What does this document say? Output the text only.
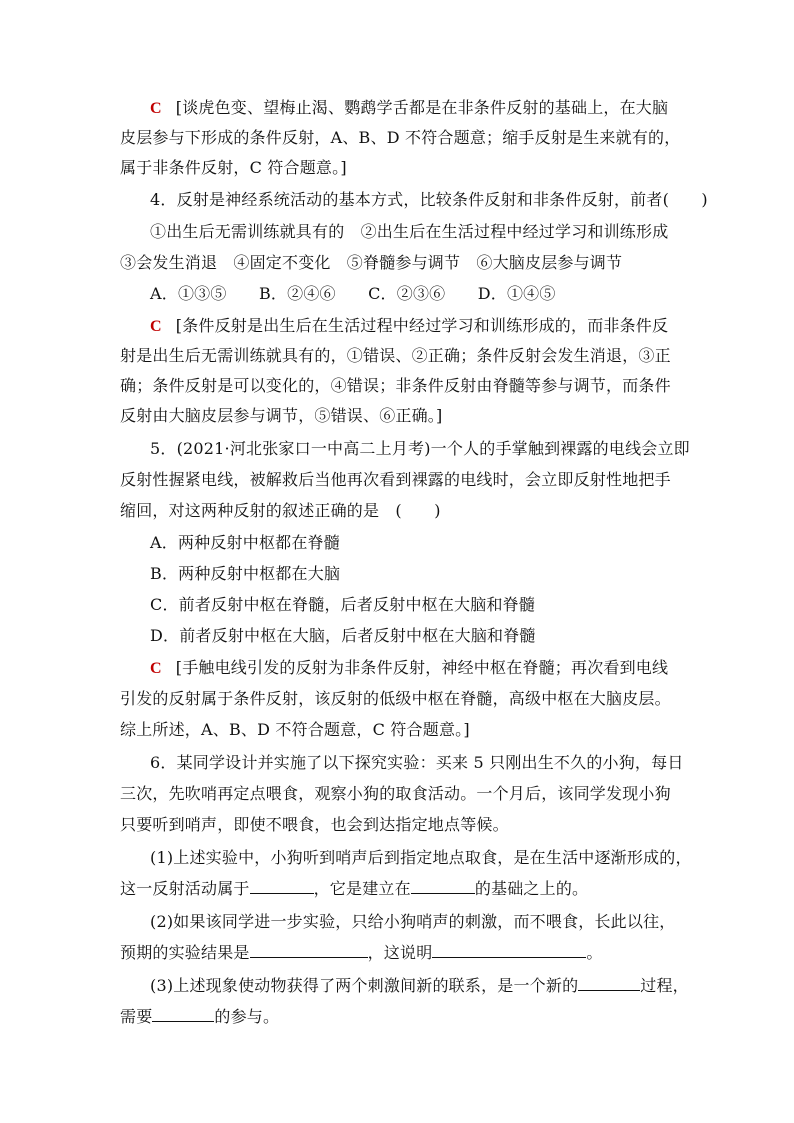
C [谈虎色变、望梅止渴、鹦鹉学舌都是在非条件反射的基础上，在大脑
皮层参与下形成的条件反射，A、B、D 不符合题意；缩手反射是生来就有的，
属于非条件反射，C 符合题意。]
4．反射是神经系统活动的基本方式，比较条件反射和非条件反射，前者(　　)
①出生后无需训练就具有的　②出生后在生活过程中经过学习和训练形成
③会发生消退　④固定不变化　⑤脊髓参与调节　⑥大脑皮层参与调节
A．①③⑤　　B．②④⑥　　C．②③⑥　　D．①④⑤
C [条件反射是出生后在生活过程中经过学习和训练形成的，而非条件反
射是出生后无需训练就具有的，①错误、②正确；条件反射会发生消退，③正
确；条件反射是可以变化的，④错误；非条件反射由脊髓等参与调节，而条件
反射由大脑皮层参与调节，⑤错误、⑥正确。]
5．(2021·河北张家口一中高二上月考)一个人的手掌触到裸露的电线会立即
反射性握紧电线，被解救后当他再次看到裸露的电线时，会立即反射性地把手
缩回，对这两种反射的叙述正确的是　(　　)
A．两种反射中枢都在脊髓
B．两种反射中枢都在大脑
C．前者反射中枢在脊髓，后者反射中枢在大脑和脊髓
D．前者反射中枢在大脑，后者反射中枢在大脑和脊髓
C [手触电线引发的反射为非条件反射，神经中枢在脊髓；再次看到电线
引发的反射属于条件反射，该反射的低级中枢在脊髓，高级中枢在大脑皮层。
综上所述，A、B、D 不符合题意，C 符合题意。]
6．某同学设计并实施了以下探究实验：买来 5 只刚出生不久的小狗，每日
三次，先吹哨再定点喂食，观察小狗的取食活动。一个月后，该同学发现小狗
只要听到哨声，即使不喂食，也会到达指定地点等候。
(1)上述实验中，小狗听到哨声后到指定地点取食，是在生活中逐渐形成的，
这一反射活动属于	，它是建立在	的基础之上的。
(2)如果该同学进一步实验，只给小狗哨声的刺激，而不喂食，长此以往，
预期的实验结果是	，这说明	。
(3)上述现象使动物获得了两个刺激间新的联系，是一个新的	过程，
需要	的参与。
